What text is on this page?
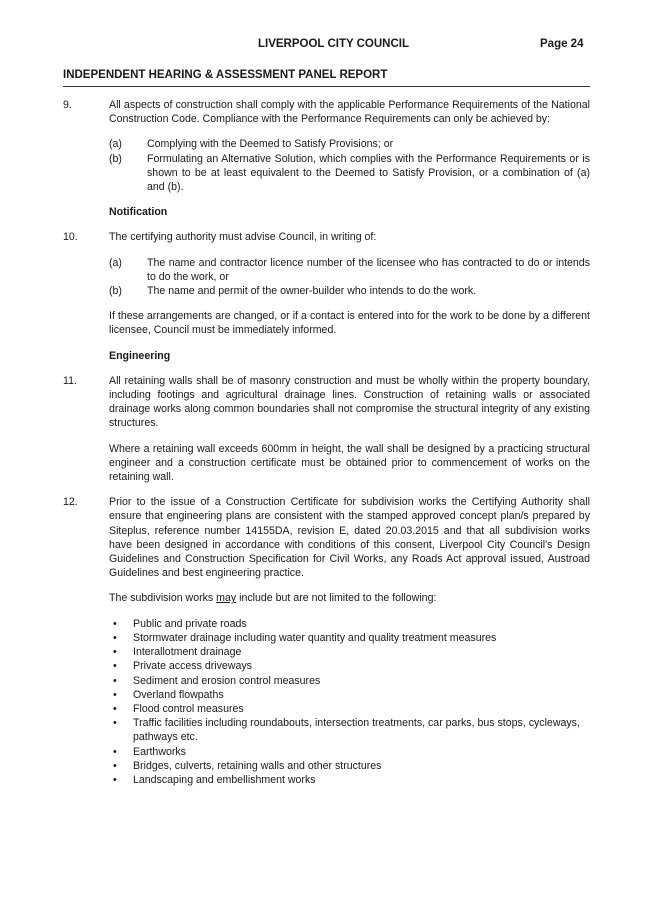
LIVERPOOL CITY COUNCIL	Page 24
INDEPENDENT HEARING & ASSESSMENT PANEL REPORT
9.	All aspects of construction shall comply with the applicable Performance Requirements of the National Construction Code. Compliance with the Performance Requirements can only be achieved by:

(a)	Complying with the Deemed to Satisfy Provisions; or
(b)	Formulating an Alternative Solution, which complies with the Performance Requirements or is shown to be at least equivalent to the Deemed to Satisfy Provision, or a combination of (a) and (b).
Notification
10.	The certifying authority must advise Council, in writing of:

(a)	The name and contractor licence number of the licensee who has contracted to do or intends to do the work, or
(b)	The name and permit of the owner-builder who intends to do the work.

If these arrangements are changed, or if a contact is entered into for the work to be done by a different licensee, Council must be immediately informed.

Engineering
11.	All retaining walls shall be of masonry construction and must be wholly within the property boundary, including footings and agricultural drainage lines. Construction of retaining walls or associated drainage works along common boundaries shall not compromise the structural integrity of any existing structures.

Where a retaining wall exceeds 600mm in height, the wall shall be designed by a practicing structural engineer and a construction certificate must be obtained prior to commencement of works on the retaining wall.

12.	Prior to the issue of a Construction Certificate for subdivision works the Certifying Authority shall ensure that engineering plans are consistent with the stamped approved concept plan/s prepared by Siteplus, reference number 14155DA, revision E, dated 20.03.2015 and that all subdivision works have been designed in accordance with conditions of this consent, Liverpool City Council's Design Guidelines and Construction Specification for Civil Works, any Roads Act approval issued, Austroad Guidelines and best engineering practice.

The subdivision works may include but are not limited to the following:

•	Public and private roads
•	Stormwater drainage including water quantity and quality treatment measures
•	Interallotment drainage
•	Private access driveways
•	Sediment and erosion control measures
•	Overland flowpaths
•	Flood control measures
•	Traffic facilities including roundabouts, intersection treatments, car parks, bus stops, cycleways, pathways etc.
•	Earthworks
•	Bridges, culverts, retaining walls and other structures
•	Landscaping and embellishment works
